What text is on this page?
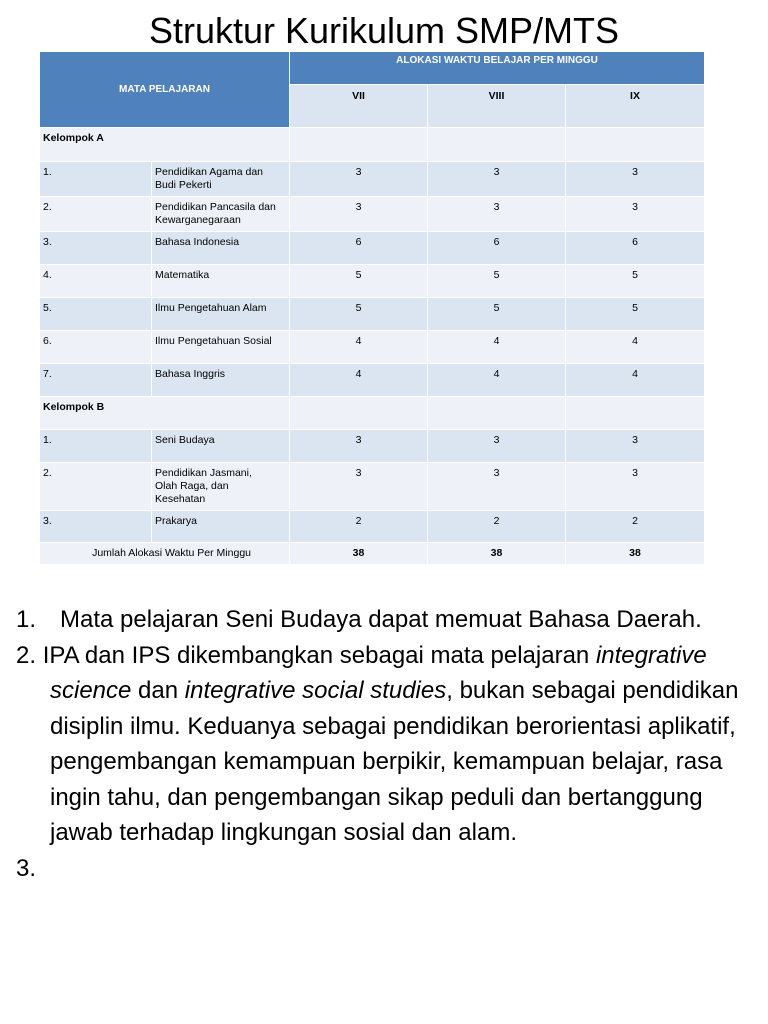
Struktur Kurikulum SMP/MTS
MATA PELAJARAN		ALOKASI WAKTU BELAJAR PER MINGGU		
		VII	VIII	IX
Kelompok A				
1.	Pendidikan Agama dan Budi Pekerti	3	3	3
2.	Pendidikan Pancasila dan Kewarganegaraan	3	3	3
3.	Bahasa Indonesia	6	6	6
4.	Matematika	5	5	5
5.	Ilmu Pengetahuan Alam	5	5	5
6.	Ilmu Pengetahuan Sosial	4	4	4
7.	Bahasa Inggris	4	4	4
Kelompok B				
1.	Seni Budaya	3	3	3
2.	Pendidikan Jasmani, Olah Raga, dan Kesehatan	3	3	3
3.	Prakarya	2	2	2
Jumlah Alokasi Waktu Per Minggu		38	38	38

1. Mata pelajaran Seni Budaya dapat memuat Bahasa Daerah.

2. IPA dan IPS dikembangkan sebagai mata pelajaran integrative science dan integrative social studies, bukan sebagai pendidikan disiplin ilmu. Keduanya sebagai pendidikan berorientasi aplikatif, pengembangan kemampuan berpikir, kemampuan belajar, rasa ingin tahu, dan pengembangan sikap peduli dan bertanggung jawab terhadap lingkungan sosial dan alam.

3.
